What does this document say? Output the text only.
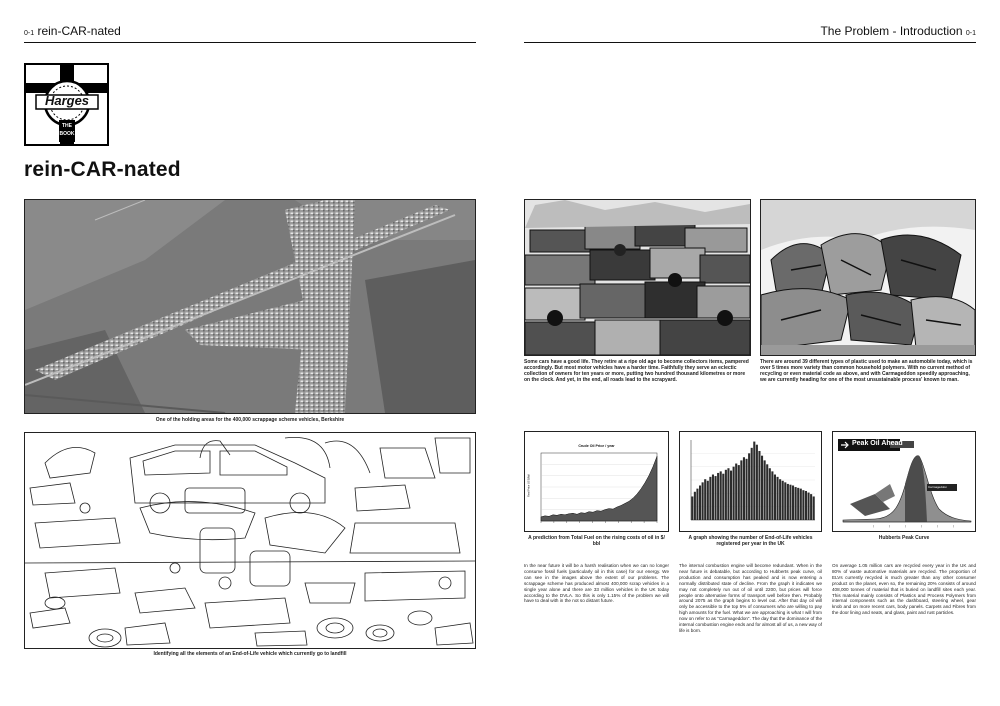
0-1 rein-CAR-nated
Harges
THE
BOOK
rein-CAR-nated
One of the holding areas for the 400,000 scrappage scheme vehicles, Berkshire
Identifying all the elements of an End-of-Life vehicle which currently go to landfill
The Problem - Introduction 0-1
Some cars have a good life. They retire at a ripe old age to become collectors items, pampered accordingly. But most motor vehicles have a harder time. Faithfully they serve an eclectic collection of owners for ten years or more, putting two hundred thousand kilometres or more on the clock. And yet, in the end, all roads lead to the scrapyard.
There are around 39 different types of plastic used to make an automobile today, which is over 5 times more variety than common household polymers. With no current method of recycling or even material code as above, and with Carmageddon speedily approaching, we are currently heading for one of the most unsustainable process' known to man.
Crude Oil Price / year
Real Price US $/bbl
A prediction from Total Fuel on the rising costs of oil in $/ bbl
A graph showing the number of End-of-Life vehicles registered per year in the UK
|	|	|	|	|	|
Peak Oil Ahead
Carmageddon
Hubberts Peak Curve
In the near future it will be a harsh realisation when we can no longer consume fossil fuels (particularly oil in this case) for our energy. We can see in the images above the extent of our problems. The scrappage scheme has produced almost 400,000 scrap vehicles in a single year alone and there are 33 million vehicles in the UK today according to the DVLA. So this is only 1.15% of the problem we will have to deal with in the not so distant future.
The internal combustion engine will become redundant. When in the near future is debatable, but according to Hubberts peak curve, oil production and consumption has peaked and is now entering a normally distributed state of decline. From the graph it indicates we may not completely run out of oil until 2200, but prices will force people onto alternative forms of transport well before then. Probably around 2075 as the graph begins to level out. After that day oil will only be accessible to the top 5% of consumers who are willing to pay high amounts for the fuel. What we are approaching is what I will from now on refer to as “Carmageddon”. The day that the dominance of the internal combustion engine ends and for almost all of us, a new way of life is born.
On average 1.05 million cars are recycled every year in the UK and 80% of waste automotive materials are recycled. The proportion of ELVs currently recycled is much greater than any other consumer product on the planet, even so, the remaining 20% consists of around 408,000 tonnes of material that is buried on landfill sites each year. This material mainly consists of Plastics and Process Polymers from internal components such as the dashboard, steering wheel, gear knob and on more recent cars, body panels. Carpets and Fibres from the door lining and seats, and glass, paint and rust particles.
